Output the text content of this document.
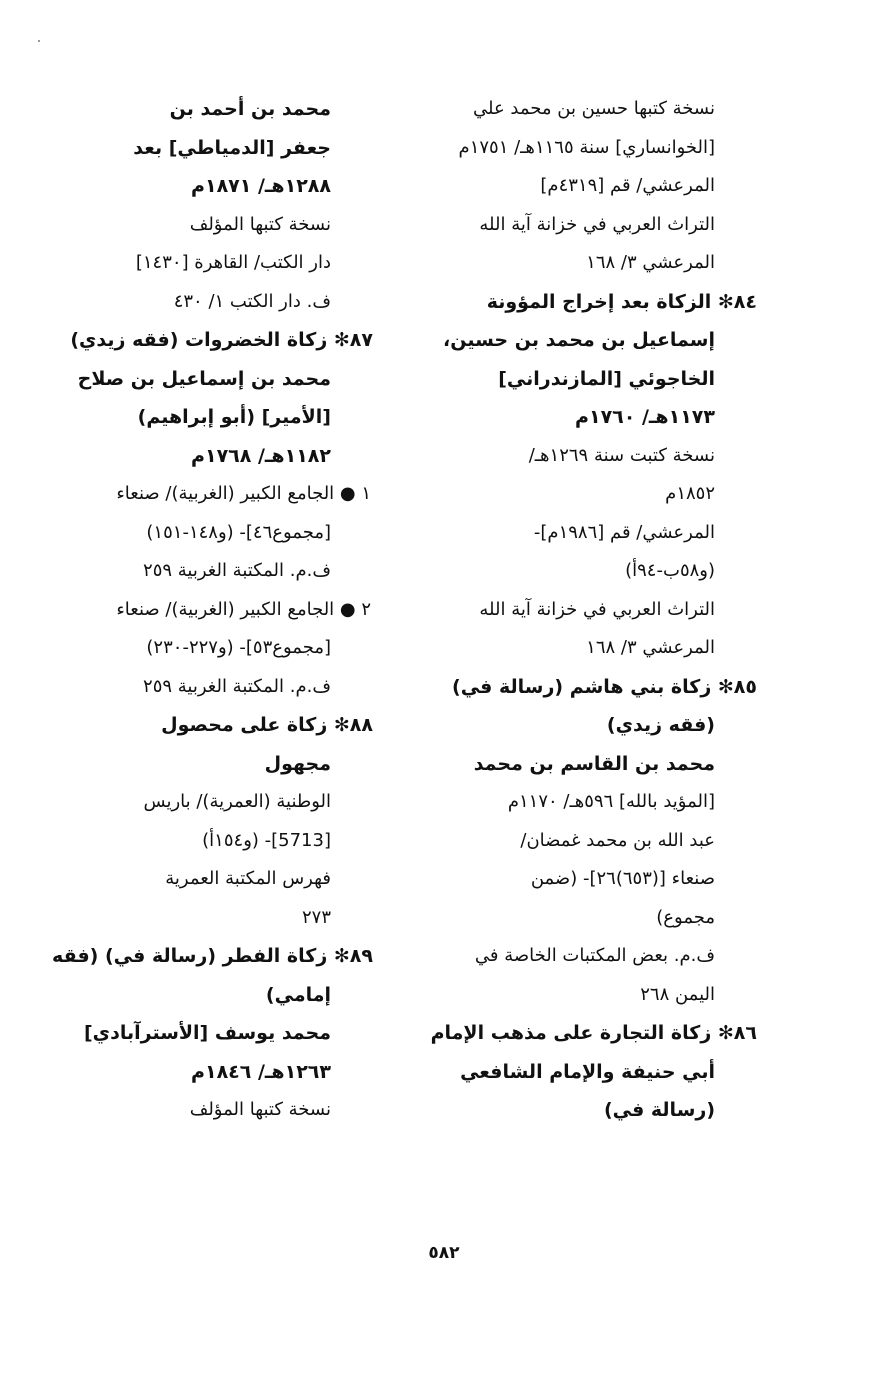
نسخة كتبها حسين بن محمد علي
[الخوانساري] سنة ١١٦٥هـ/ ١٧٥١م
المرعشي/ قم [٤٣١٩م]
التراث العربي في خزانة آية الله
المرعشي ٣/ ١٦٨
٨٤✻ الزكاة بعد إخراج المؤونة
إسماعيل بن محمد بن حسين،
الخاجوئي [المازندراني]
١١٧٣هـ/ ١٧٦٠م
نسخة كتبت سنة ١٢٦٩هـ/
١٨٥٢م
المرعشي/ قم [١٩٨٦م]-
(و٥٨ب-٩٤أ)
التراث العربي في خزانة آية الله
المرعشي ٣/ ١٦٨
٨٥✻ زكاة بني هاشم (رسالة في)
(فقه زيدي)
محمد بن القاسم بن محمد
[المؤيد بالله] ٥٩٦هـ/ ١١٧٠م
عبد الله بن محمد غمضان/
صنعاء [(٦٥٣)٢٦]- (ضمن
مجموع)
ف.م. بعض المكتبات الخاصة في
اليمن ٢٦٨
٨٦✻ زكاة التجارة على مذهب الإمام
أبي حنيفة والإمام الشافعي
(رسالة في)
محمد بن أحمد بن
جعفر [الدمياطي] بعد
١٢٨٨هـ/ ١٨٧١م
نسخة كتبها المؤلف
دار الكتب/ القاهرة [١٤٣٠]
ف. دار الكتب ١/ ٤٣٠
٨٧✻ زكاة الخضروات (فقه زيدي)
محمد بن إسماعيل بن صلاح
[الأمير] (أبو إبراهيم)
١١٨٢هـ/ ١٧٦٨م
١ ● الجامع الكبير (الغربية)/ صنعاء
[مجموع٤٦]- (و١٤٨-١٥١)
ف.م. المكتبة الغربية ٢٥٩
٢ ● الجامع الكبير (الغربية)/ صنعاء
[مجموع٥٣]- (و٢٢٧-٢٣٠)
ف.م. المكتبة الغربية ٢٥٩
٨٨✻ زكاة على محصول
مجهول
الوطنية (العمرية)/ باريس
[5713]- (و١٥٤أ)
فهرس المكتبة العمرية
٢٧٣
٨٩✻ زكاة الفطر (رسالة في) (فقه
إمامي)
محمد يوسف [الأسترآبادي]
١٢٦٣هـ/ ١٨٤٦م
نسخة كتبها المؤلف
٥٨٢
